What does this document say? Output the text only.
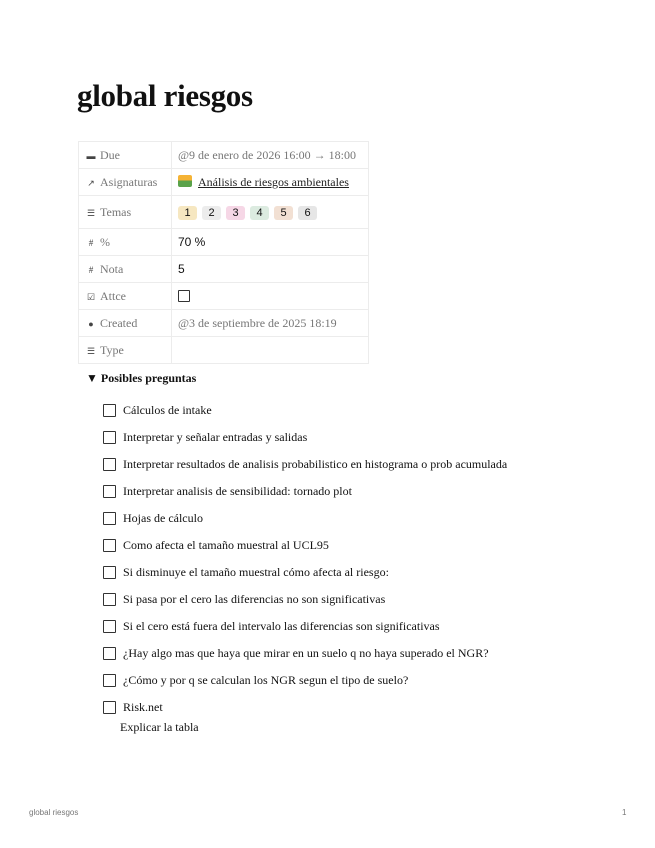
global riesgos
▬ Due	@9 de enero de 2026 16:00 → 18:00
↗ Asignaturas	Análisis de riesgos ambientales
☰ Temas	1 2 3 4 5 6
# %	70 %
# Nota	5
☑ Attce	
● Created	@3 de septiembre de 2025 18:19
☰ Type	
▼ Posibles preguntas
Cálculos de intake
Interpretar y señalar entradas y salidas
Interpretar resultados de analisis probabilistico en histograma o prob acumulada
Interpretar analisis de sensibilidad: tornado plot
Hojas de cálculo
Como afecta el tamaño muestral al UCL95
Si disminuye el tamaño muestral cómo afecta al riesgo:
Si pasa por el cero las diferencias no son significativas
Si el cero está fuera del intervalo las diferencias son significativas
¿Hay algo mas que haya que mirar en un suelo q no haya superado el NGR?
¿Cómo y por q se calculan los NGR segun el tipo de suelo?
Risk.net
Explicar la tabla
global riesgos	1
